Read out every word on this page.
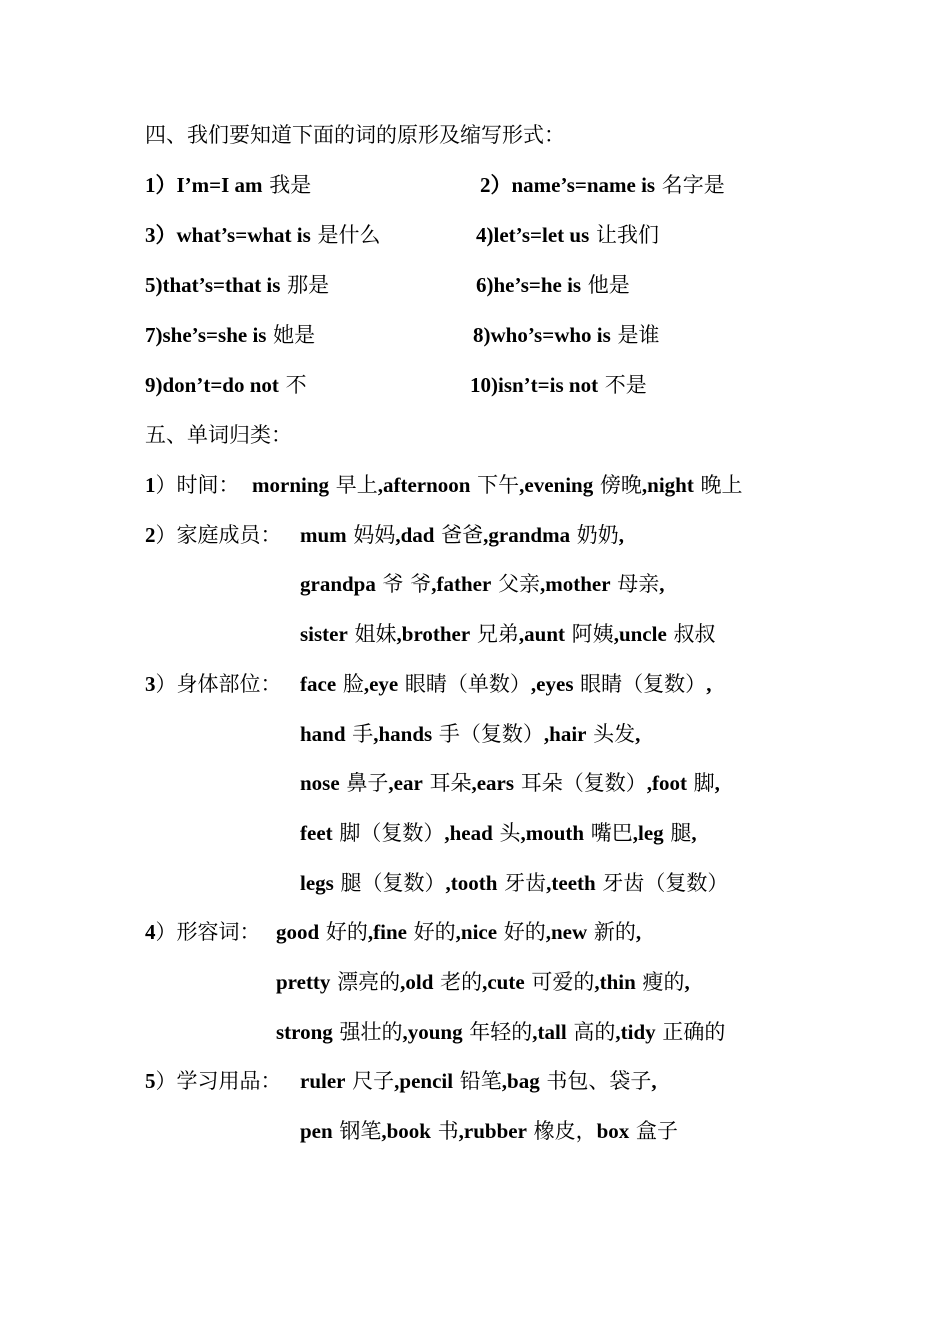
四、我们要知道下面的词的原形及缩写形式：
1）I’m=I am 我是	2）name’s=name is 名字是
3）what’s=what is 是什么	4)let’s=let us 让我们
5)that’s=that is 那是	6)he’s=he is 他是
7)she’s=she is 她是	8)who’s=who is 是谁
9)don’t=do not 不	10)isn’t=is not 不是
五、单词归类：
1）时间： morning 早上,afternoon 下午,evening 傍晚,night 晚上
2）家庭成员： mum 妈妈,dad 爸爸,grandma 奶奶,
grandpa 爷 爷,father 父亲,mother 母亲,
sister 姐妹,brother 兄弟,aunt 阿姨,uncle 叔叔
3）身体部位： face 脸,eye 眼睛（单数）,eyes 眼睛（复数）,
hand 手,hands 手（复数）,hair 头发,
nose 鼻子,ear 耳朵,ears 耳朵（复数）,foot 脚,
feet 脚（复数）,head 头,mouth 嘴巴,leg 腿,
legs 腿（复数）,tooth 牙齿,teeth 牙齿（复数）
4）形容词： good 好的,fine 好的,nice 好的,new 新的,
pretty 漂亮的,old 老的,cute 可爱的,thin 瘦的,
strong 强壮的,young 年轻的,tall 高的,tidy 正确的
5）学习用品： ruler 尺子,pencil 铅笔,bag 书包、袋子,
pen 钢笔,book 书,rubber 橡皮，box 盒子
